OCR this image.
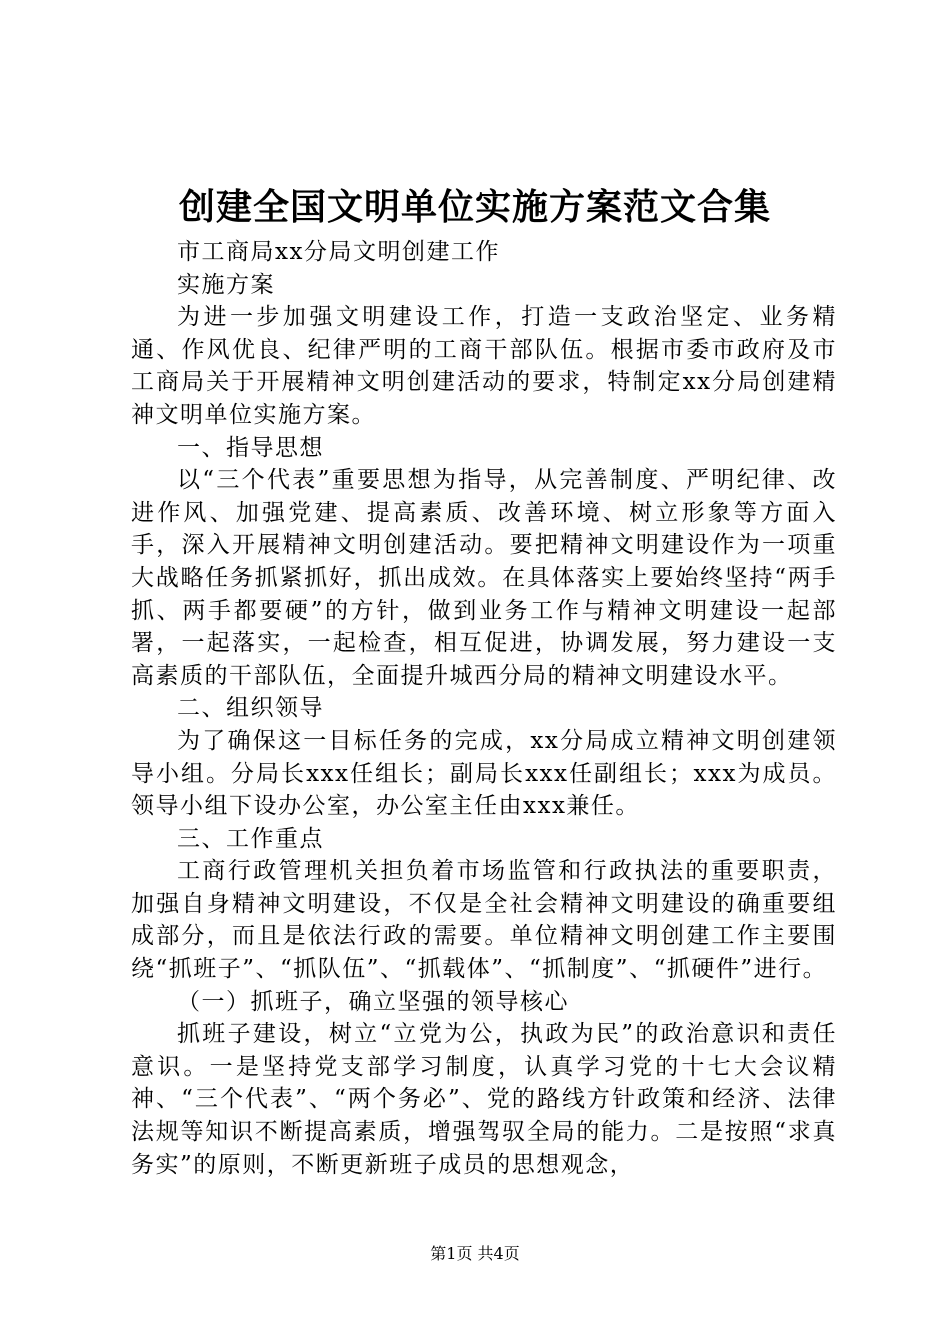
创建全国文明单位实施方案范文合集

市工商局xx分局文明创建工作

实施方案

为进一步加强文明建设工作，打造一支政治坚定、业务精通、作风优良、纪律严明的工商干部队伍。根据市委市政府及市工商局关于开展精神文明创建活动的要求，特制定xx分局创建精神文明单位实施方案。

一、指导思想

以“三个代表”重要思想为指导，从完善制度、严明纪律、改进作风、加强党建、提高素质、改善环境、树立形象等方面入手，深入开展精神文明创建活动。要把精神文明建设作为一项重大战略任务抓紧抓好，抓出成效。在具体落实上要始终坚持“两手抓、两手都要硬”的方针，做到业务工作与精神文明建设一起部署，一起落实，一起检查，相互促进，协调发展，努力建设一支高素质的干部队伍，全面提升城西分局的精神文明建设水平。

二、组织领导

为了确保这一目标任务的完成，xx分局成立精神文明创建领导小组。分局长xxx任组长；副局长xxx任副组长；xxx为成员。领导小组下设办公室，办公室主任由xxx兼任。

三、工作重点

工商行政管理机关担负着市场监管和行政执法的重要职责，加强自身精神文明建设，不仅是全社会精神文明建设的确重要组成部分，而且是依法行政的需要。单位精神文明创建工作主要围绕“抓班子”、“抓队伍”、“抓载体”、“抓制度”、“抓硬件”进行。

（一）抓班子，确立坚强的领导核心

抓班子建设，树立“立党为公，执政为民”的政治意识和责任意识。一是坚持党支部学习制度，认真学习党的十七大会议精神、“三个代表”、“两个务必”、党的路线方针政策和经济、法律法规等知识不断提高素质，增强驾驭全局的能力。二是按照“求真务实”的原则，不断更新班子成员的思想观念，

第1页 共4页
